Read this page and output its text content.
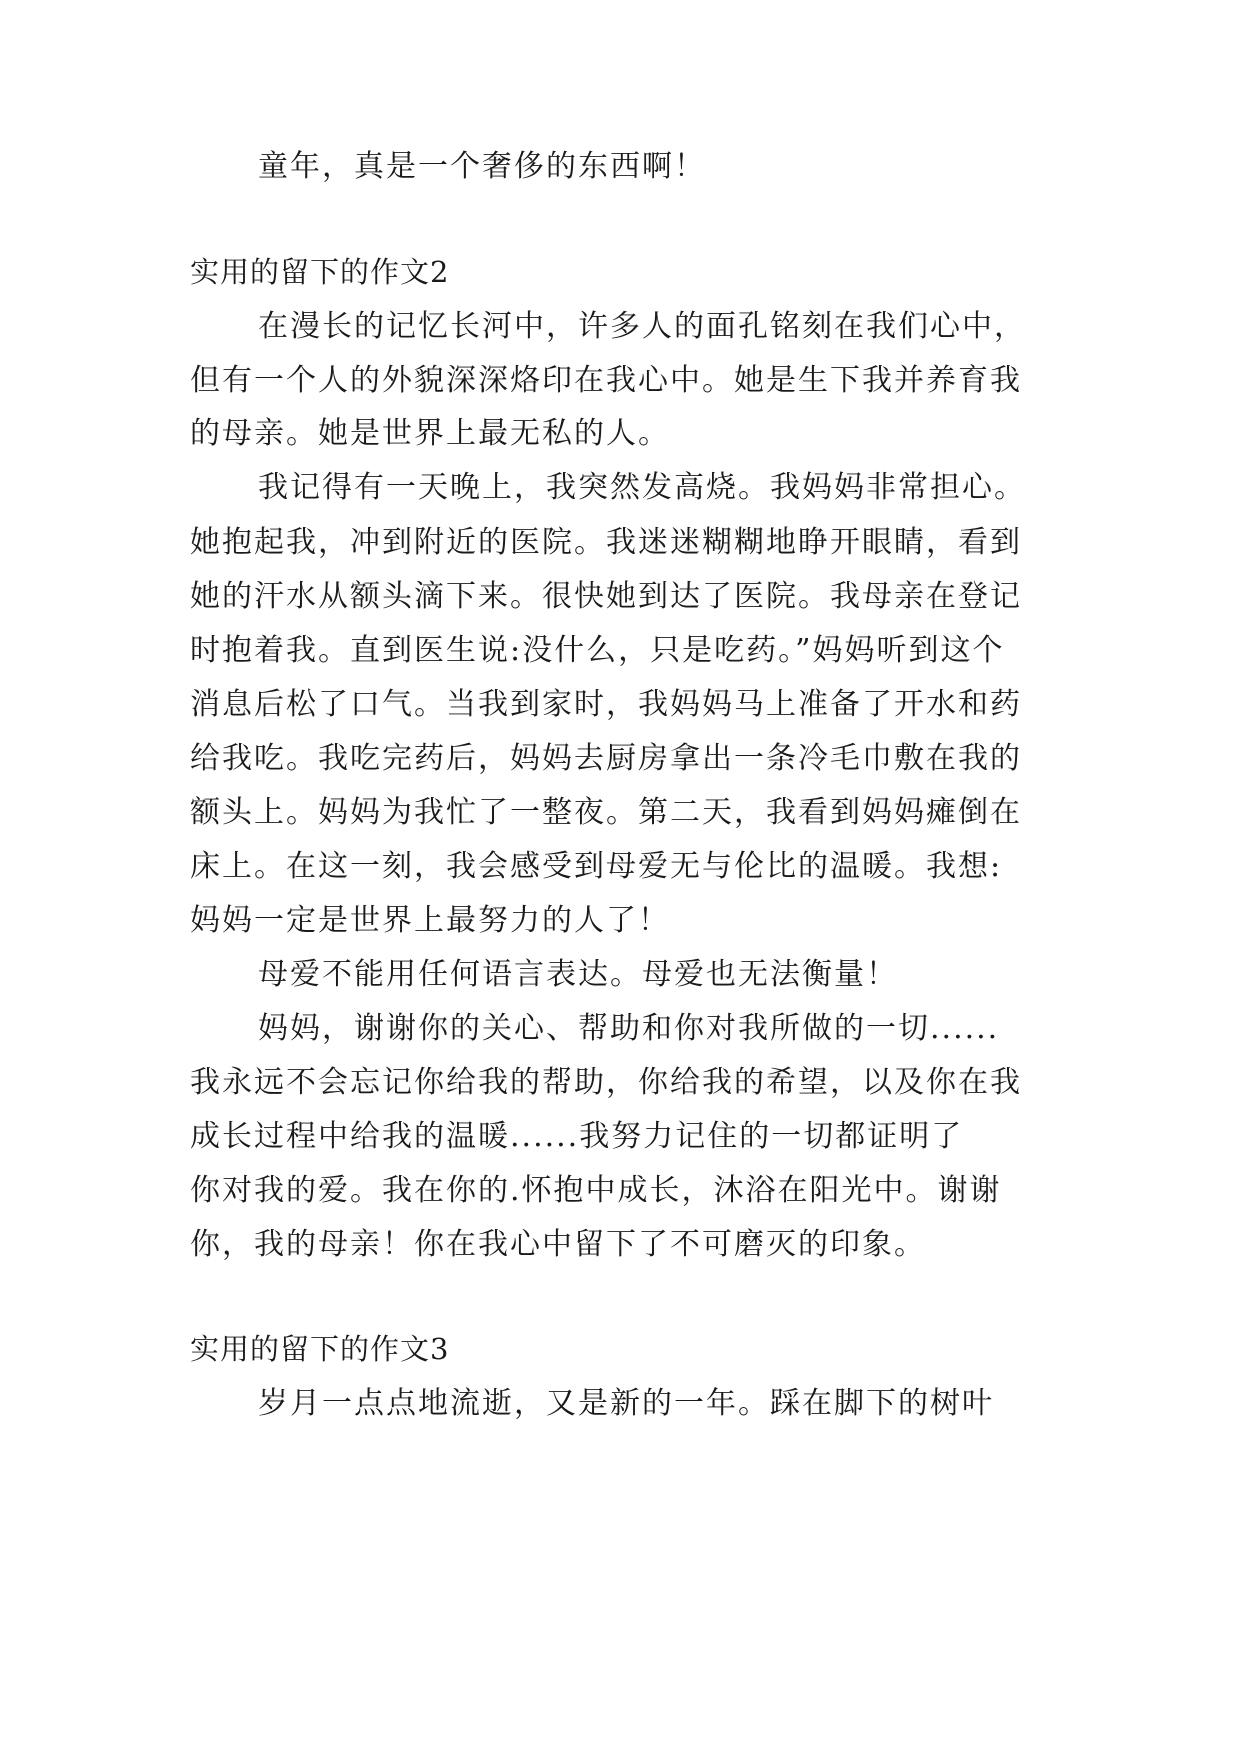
童年，真是一个奢侈的东西啊！
实用的留下的作文2
在漫长的记忆长河中，许多人的面孔铭刻在我们心中，
但有一个人的外貌深深烙印在我心中。她是生下我并养育我
的母亲。她是世界上最无私的人。
我记得有一天晚上，我突然发高烧。我妈妈非常担心。
她抱起我，冲到附近的医院。我迷迷糊糊地睁开眼睛，看到
她的汗水从额头滴下来。很快她到达了医院。我母亲在登记
时抱着我。直到医生说:没什么，只是吃药。”妈妈听到这个
消息后松了口气。当我到家时，我妈妈马上准备了开水和药
给我吃。我吃完药后，妈妈去厨房拿出一条冷毛巾敷在我的
额头上。妈妈为我忙了一整夜。第二天，我看到妈妈瘫倒在
床上。在这一刻，我会感受到母爱无与伦比的温暖。我想:
妈妈一定是世界上最努力的人了！
母爱不能用任何语言表达。母爱也无法衡量！
妈妈，谢谢你的关心、帮助和你对我所做的一切......
我永远不会忘记你给我的帮助，你给我的希望，以及你在我
成长过程中给我的温暖......我努力记住的一切都证明了
你对我的爱。我在你的.怀抱中成长，沐浴在阳光中。谢谢
你，我的母亲！你在我心中留下了不可磨灭的印象。
实用的留下的作文3
岁月一点点地流逝，又是新的一年。踩在脚下的树叶
